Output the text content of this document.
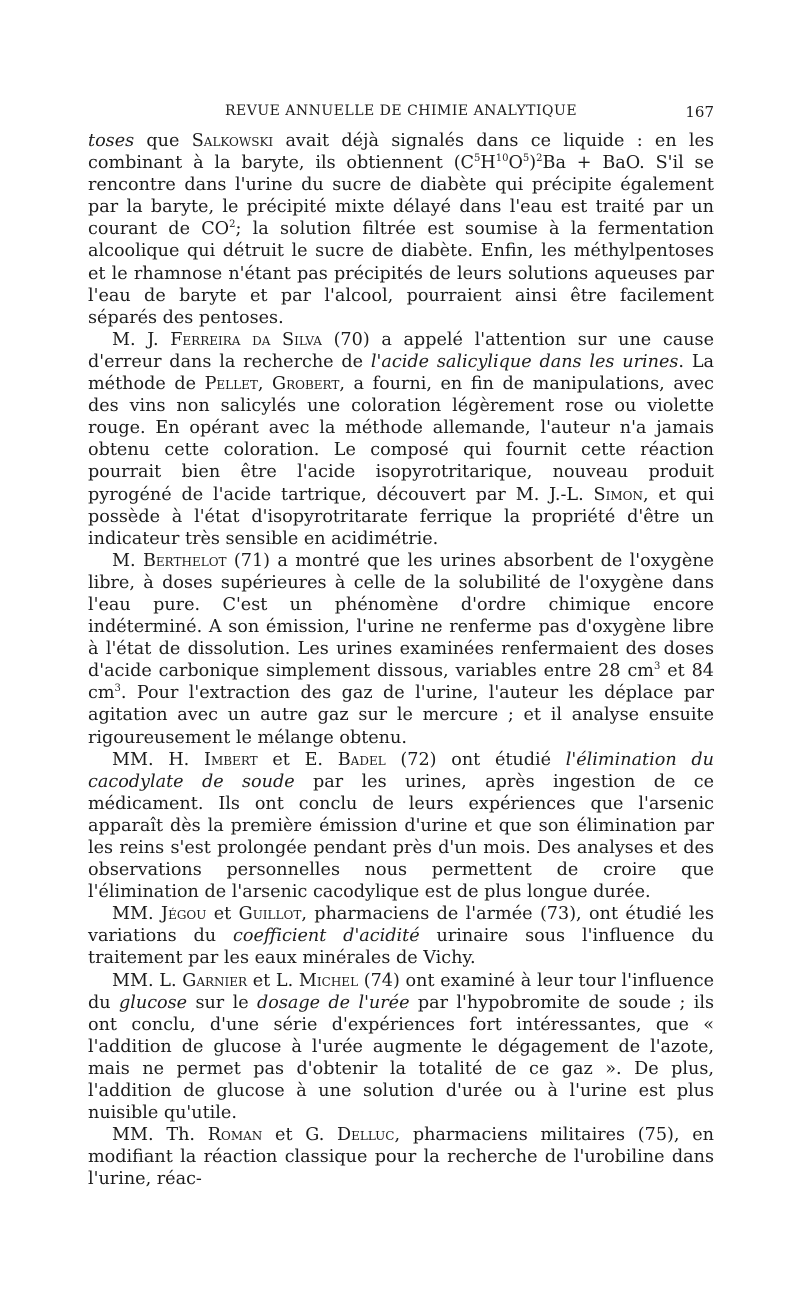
REVUE ANNUELLE DE CHIMIE ANALYTIQUE	167

toses que Salkowski avait déjà signalés dans ce liquide : en les combinant à la baryte, ils obtiennent $(C^5H^{10}O^5)^2Ba$ + BaO. S'il se rencontre dans l'urine du sucre de diabète qui précipite également par la baryte, le précipité mixte délayé dans l'eau est traité par un courant de $CO^2$; la solution filtrée est soumise à la fermentation alcoolique qui détruit le sucre de diabète. Enfin, les méthylpentoses et le rhamnose n'étant pas précipités de leurs solutions aqueuses par l'eau de baryte et par l'alcool, pourraient ainsi être facilement séparés des pentoses.

M. J. Ferreira da Silva (70) a appelé l'attention sur une cause d'erreur dans la recherche de l'acide salicylique dans les urines. La méthode de Pellet, Grobert, a fourni, en fin de manipulations, avec des vins non salicylés une coloration légèrement rose ou violette rouge. En opérant avec la méthode allemande, l'auteur n'a jamais obtenu cette coloration. Le composé qui fournit cette réaction pourrait bien être l'acide isopyrotritarique, nouveau produit pyrogéné de l'acide tartrique, découvert par M. J.-L. Simon, et qui possède à l'état d'isopyrotritarate ferrique la propriété d'être un indicateur très sensible en acidimétrie.

M. Berthelot (71) a montré que les urines absorbent de l'oxygène libre, à doses supérieures à celle de la solubilité de l'oxygène dans l'eau pure. C'est un phénomène d'ordre chimique encore indéterminé. A son émission, l'urine ne renferme pas d'oxygène libre à l'état de dissolution. Les urines examinées renfermaient des doses d'acide carbonique simplement dissous, variables entre 28 $cm^3$ et 84 $cm^3$. Pour l'extraction des gaz de l'urine, l'auteur les déplace par agitation avec un autre gaz sur le mercure ; et il analyse ensuite rigoureusement le mélange obtenu.

MM. H. Imbert et E. Badel (72) ont étudié l'élimination du cacodylate de soude par les urines, après ingestion de ce médicament. Ils ont conclu de leurs expériences que l'arsenic apparaît dès la première émission d'urine et que son élimination par les reins s'est prolongée pendant près d'un mois. Des analyses et des observations personnelles nous permettent de croire que l'élimination de l'arsenic cacodylique est de plus longue durée.

MM. Jégou et Guillot, pharmaciens de l'armée (73), ont étudié les variations du coefficient d'acidité urinaire sous l'influence du traitement par les eaux minérales de Vichy.

MM. L. Garnier et L. Michel (74) ont examiné à leur tour l'influence du glucose sur le dosage de l'urée par l'hypobromite de soude ; ils ont conclu, d'une série d'expériences fort intéressantes, que « l'addition de glucose à l'urée augmente le dégagement de l'azote, mais ne permet pas d'obtenir la totalité de ce gaz ». De plus, l'addition de glucose à une solution d'urée ou à l'urine est plus nuisible qu'utile.

MM. Th. Roman et G. Delluc, pharmaciens militaires (75), en modifiant la réaction classique pour la recherche de l'urobiline dans l'urine, réac-
